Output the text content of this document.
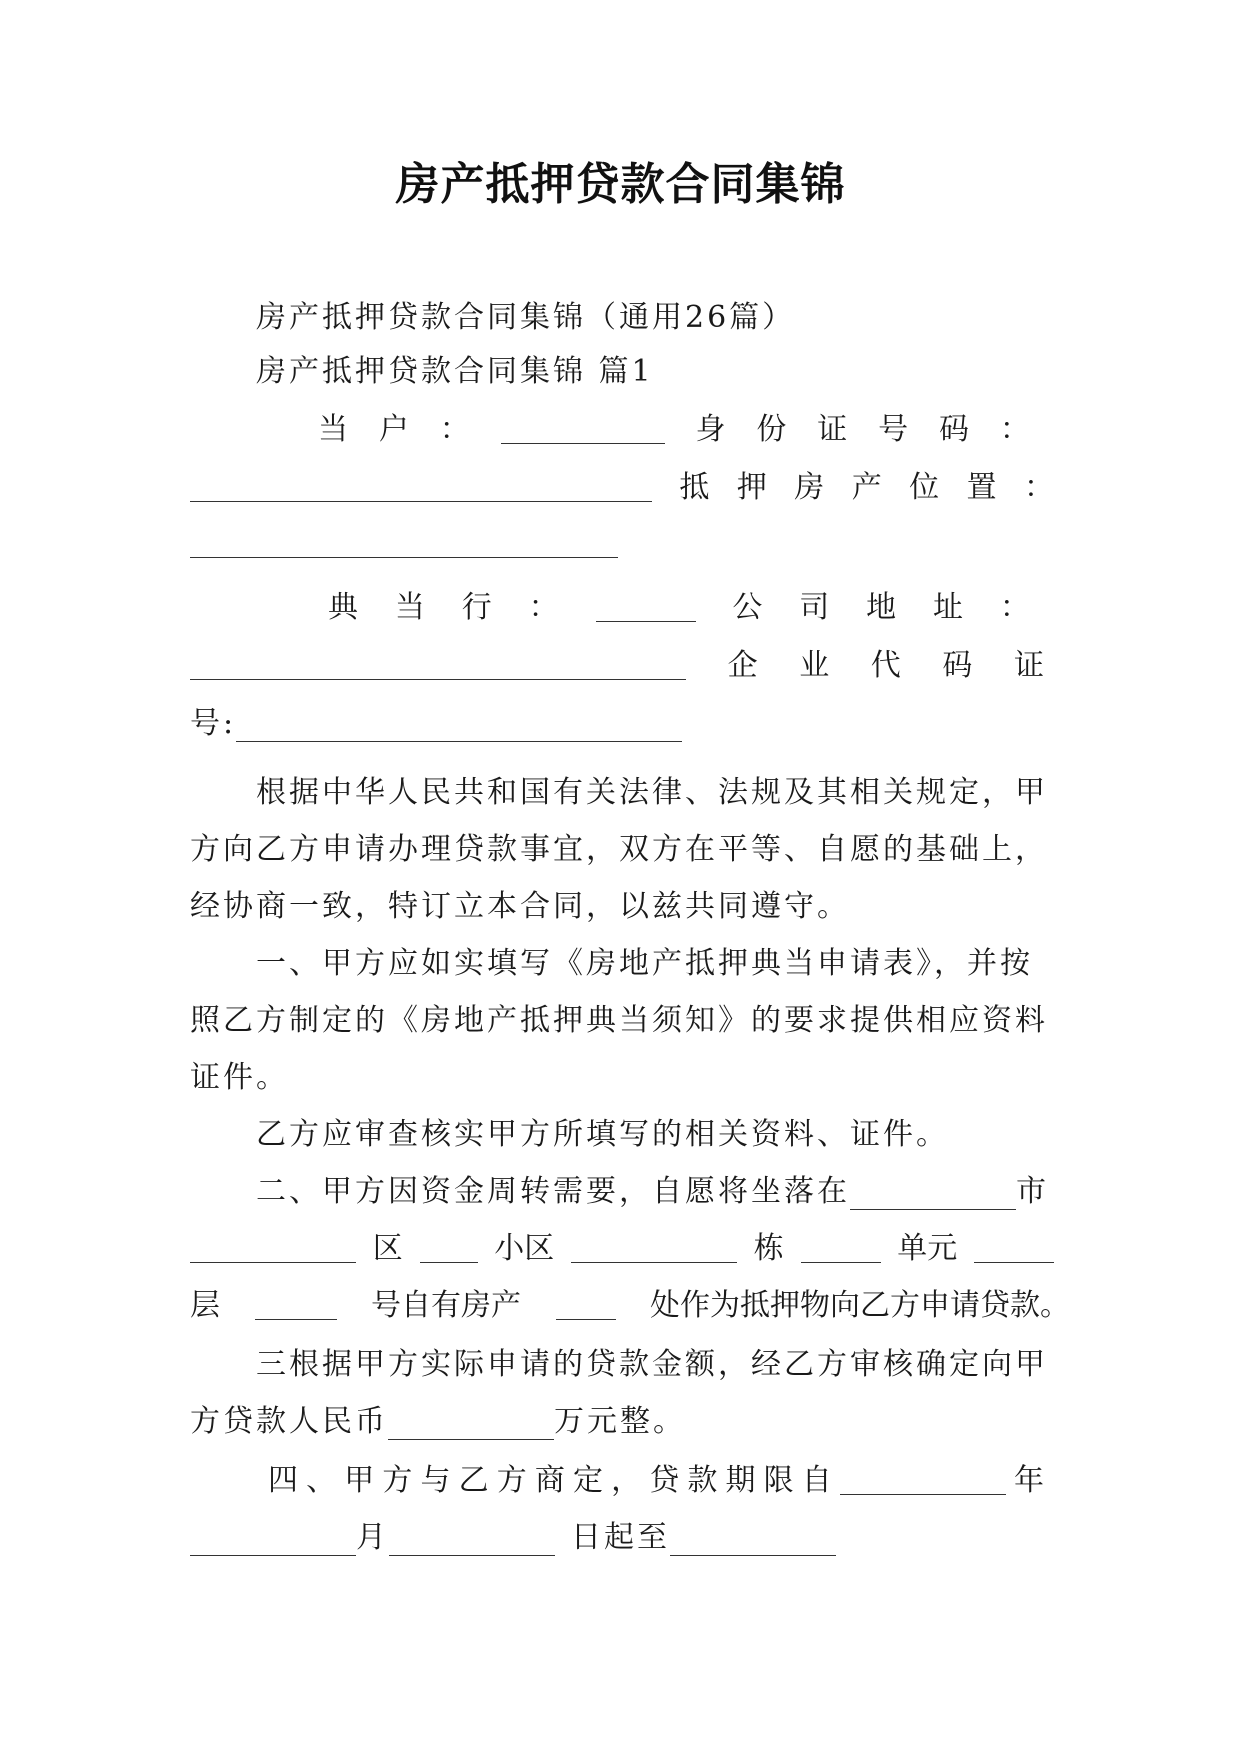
房产抵押贷款合同集锦
房产抵押贷款合同集锦（通用26篇）
房产抵押贷款合同集锦 篇1
当 户 ：	身 份 证 号 码 ：
抵 押 房 产 位 置 ：
典 当 行 ：	公 司 地 址 ：
企 业 代 码 证
号:
根据中华人民共和国有关法律、法规及其相关规定，甲
方向乙方申请办理贷款事宜，双方在平等、自愿的基础上，
经协商一致，特订立本合同，以兹共同遵守。
一、甲方应如实填写《房地产抵押典当申请表》，并按
照乙方制定的《房地产抵押典当须知》的要求提供相应资料
证件。
乙方应审查核实甲方所填写的相关资料、证件。
二、甲方因资金周转需要，自愿将坐落在	市
区	小区	栋	单元
层	号自有房产	处作为抵押物向乙方申请贷款。
三根据甲方实际申请的贷款金额，经乙方审核确定向甲
方贷款人民币	万元整。
四 、 甲 方 与 乙 方 商 定 ， 贷 款 期 限 自	年
月	日起至
